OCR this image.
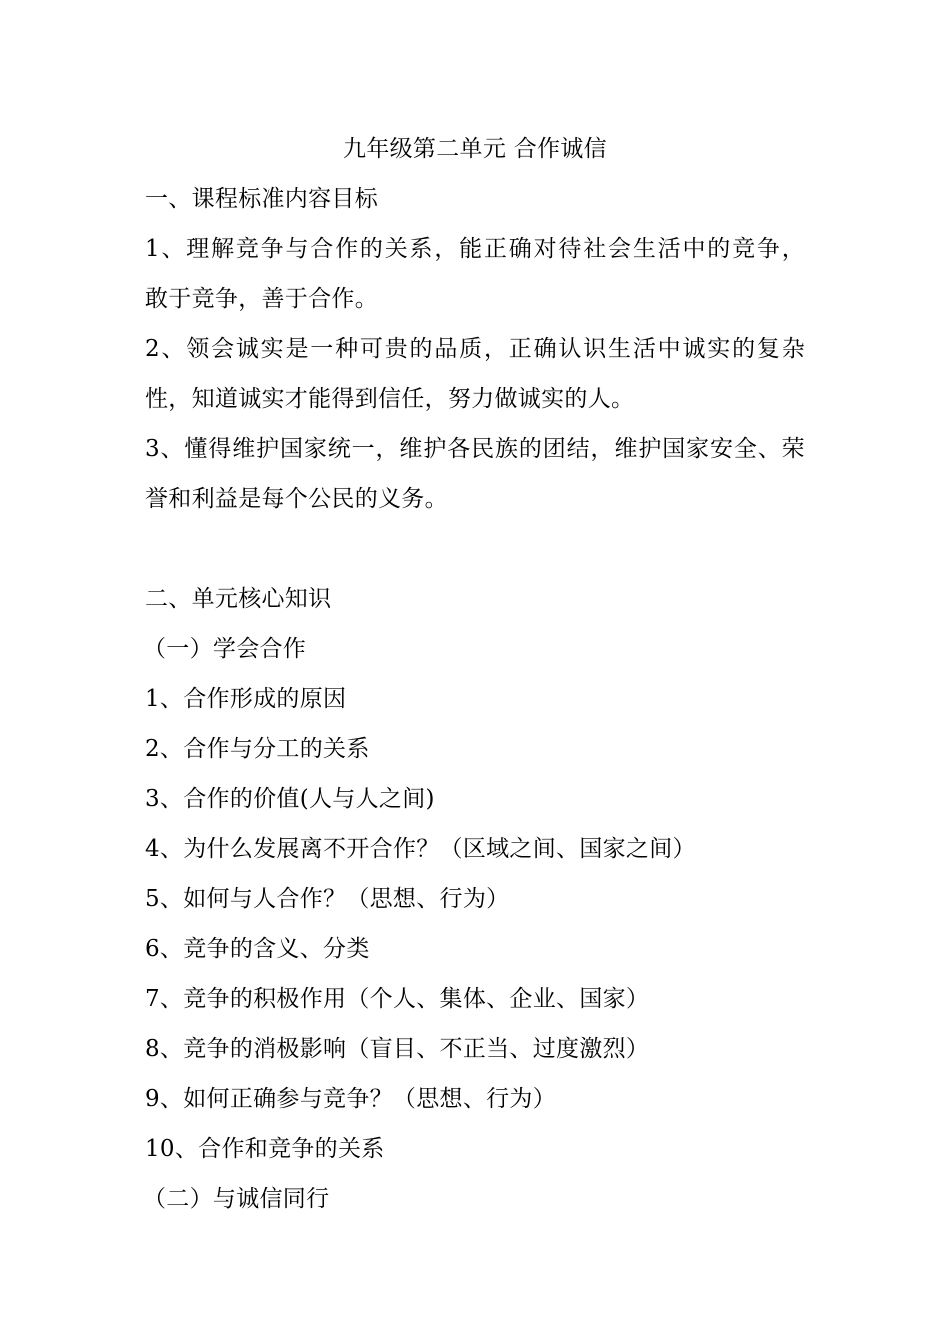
九年级第二单元 合作诚信
一、课程标准内容目标
1、理解竞争与合作的关系，能正确对待社会生活中的竞争，
敢于竞争，善于合作。
2、领会诚实是一种可贵的品质，正确认识生活中诚实的复杂
性，知道诚实才能得到信任，努力做诚实的人。
3、懂得维护国家统一，维护各民族的团结，维护国家安全、荣
誉和利益是每个公民的义务。
二、单元核心知识
（一）学会合作
1、合作形成的原因
2、合作与分工的关系
3、合作的价值(人与人之间)
4、为什么发展离不开合作？（区域之间、国家之间）
5、如何与人合作？（思想、行为）
6、竞争的含义、分类
7、竞争的积极作用（个人、集体、企业、国家）
8、竞争的消极影响（盲目、不正当、过度激烈）
9、如何正确参与竞争？（思想、行为）
10、合作和竞争的关系
（二）与诚信同行
